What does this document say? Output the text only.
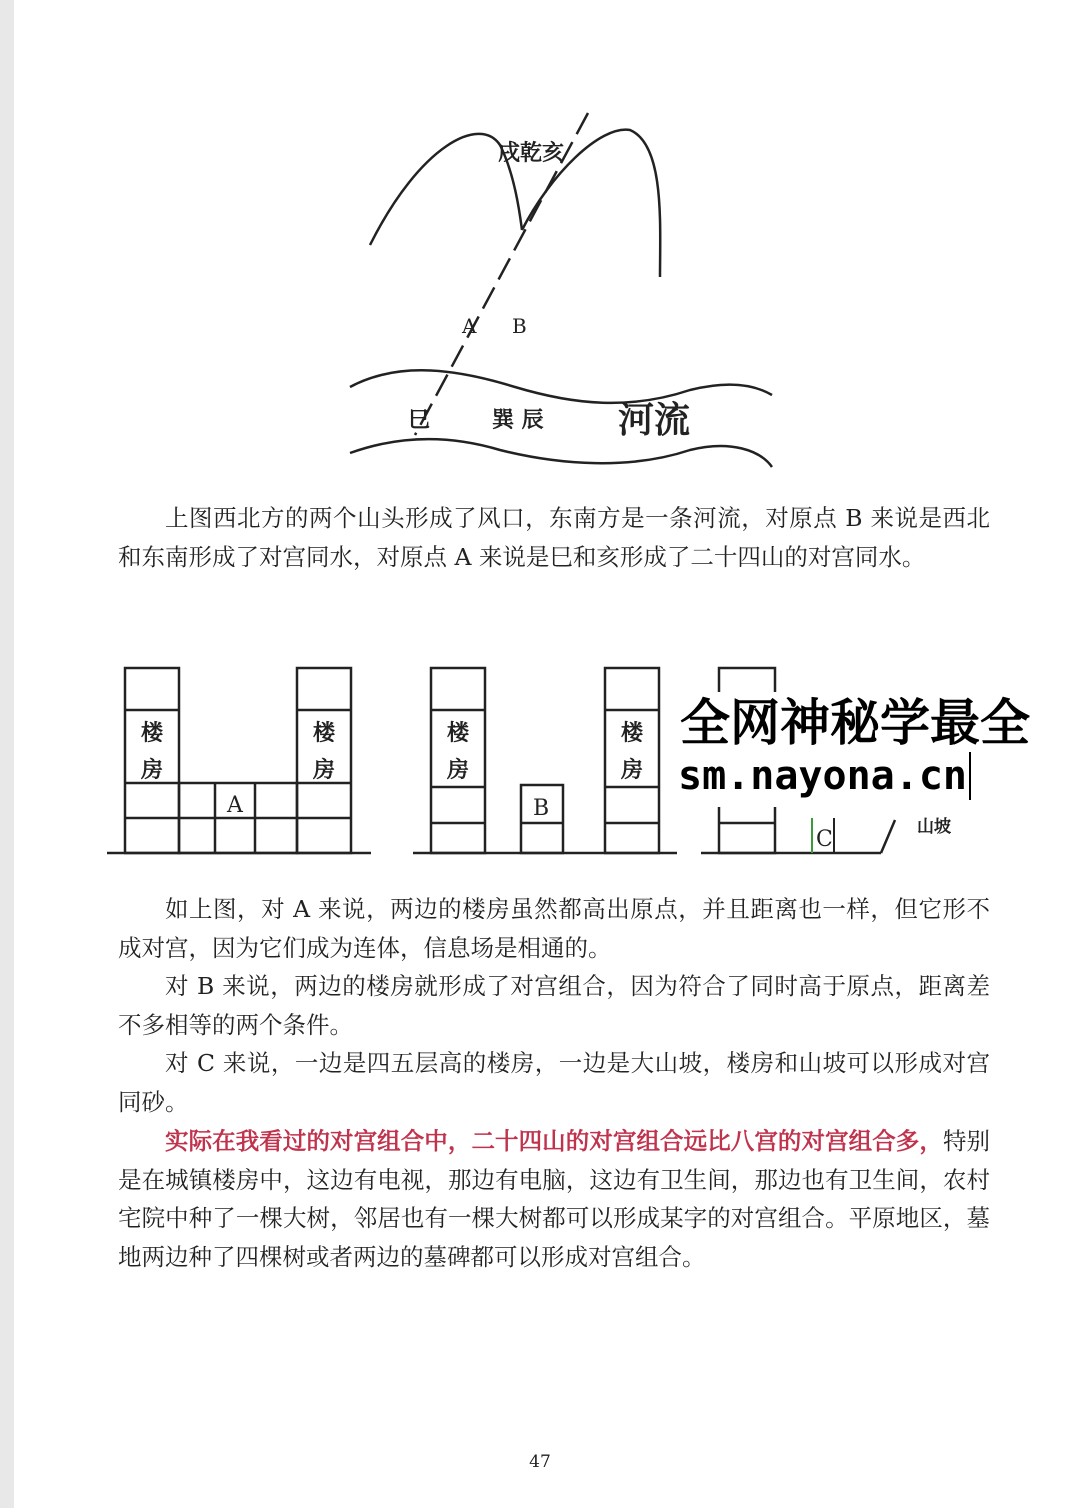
戌乾亥
A B
巳	巽 辰 河流

上图西北方的两个山头形成了风口，东南方是一条河流，对原点 B 来说是西北和东南形成了对宫同水，对原点 A 来说是巳和亥形成了二十四山的对宫同水。

楼
房
楼
房
楼
房
楼
房
A	B
C	山坡
全网神秘学最全
sm.nayona.cn

如上图，对 A 来说，两边的楼房虽然都高出原点，并且距离也一样，但它形不成对宫，因为它们成为连体，信息场是相通的。

对 B 来说，两边的楼房就形成了对宫组合，因为符合了同时高于原点，距离差不多相等的两个条件。

对 C 来说，一边是四五层高的楼房，一边是大山坡，楼房和山坡可以形成对宫同砂。

实际在我看过的对宫组合中，二十四山的对宫组合远比八宫的对宫组合多，特别是在城镇楼房中，这边有电视，那边有电脑，这边有卫生间，那边也有卫生间，农村宅院中种了一棵大树，邻居也有一棵大树都可以形成某字的对宫组合。平原地区，墓地两边种了四棵树或者两边的墓碑都可以形成对宫组合。

47
